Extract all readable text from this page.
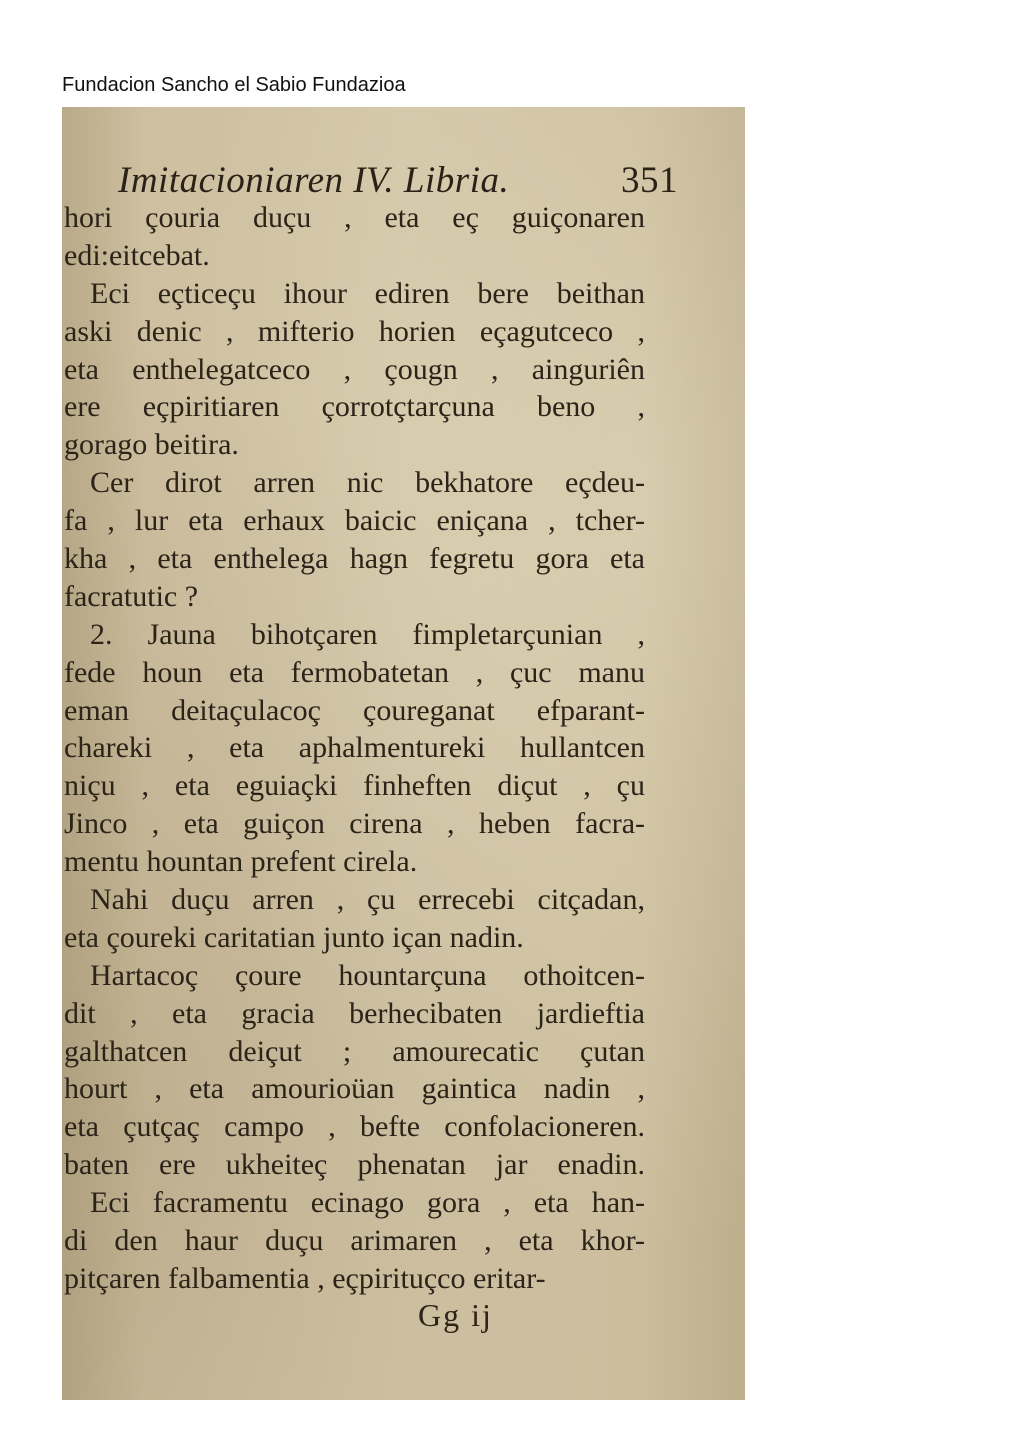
Fundacion Sancho el Sabio Fundazioa
Imitacioniaren IV. Libria.	351
hori çouria duçu , eta eç guiçonaren
edi:eitcebat.
Eci eçticeçu ihour ediren bere beithan
aski denic , mifterio horien eçagutceco ,
eta enthelegatceco , çougn , ainguriên
ere eçpiritiaren çorrotçtarçuna beno ,
gorago beitira.
Cer dirot arren nic bekhatore eçdeu-
fa , lur eta erhaux baicic eniçana , tcher-
kha , eta enthelega hagn fegretu gora eta
facratutic ?
2. Jauna bihotçaren fimpletarçunian ,
fede houn eta fermobatetan , çuc manu
eman deitaçulacoç çoureganat efparant-
chareki , eta aphalmentureki hullantcen
niçu , eta eguiaçki finheften diçut , çu
Jinco , eta guiçon cirena , heben facra-
mentu hountan prefent cirela.
Nahi duçu arren , çu errecebi citçadan,
eta çoureki caritatian junto içan nadin.
Hartacoç çoure hountarçuna othoitcen-
dit , eta gracia berhecibaten jardieftia
galthatcen deiçut ; amourecatic çutan
hourt , eta amourioüan gaintica nadin ,
eta çutçaç campo , befte confolacioneren.
baten ere ukheiteç phenatan jar enadin.
Eci facramentu ecinago gora , eta han-
di den haur duçu arimaren , eta khor-
pitçaren falbamentia , eçpirituçco eritar-
Gg ij
